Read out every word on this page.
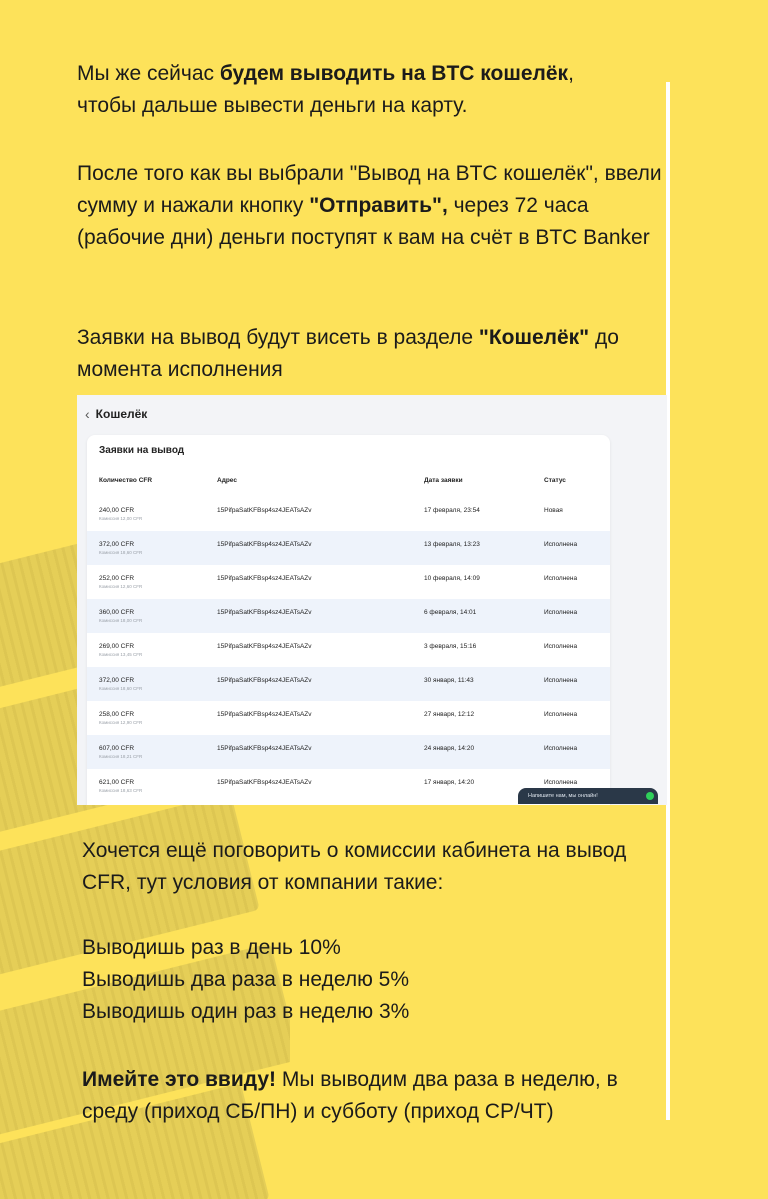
Мы же сейчас будем выводить на BTC кошелёк,
чтобы дальше вывести деньги на карту.

После того как вы выбрали "Вывод на BTC кошелёк", ввели сумму и нажали кнопку "Отправить", через 72 часа (рабочие дни) деньги поступят к вам на счёт в BTC Banker

Заявки на вывод будут висеть в разделе "Кошелёк" до момента исполнения

‹ Кошелёк
Заявки на вывод
Количество CFR	Адрес	Дата заявки	Статус
240,00 CFR
Комиссия 12,00 CFR
15PifpaSatKFBsp4sz4JEATsAZv	17 февраля, 23:54	Новая
372,00 CFR
Комиссия 18,60 CFR
15PifpaSatKFBsp4sz4JEATsAZv	13 февраля, 13:23	Исполнена
252,00 CFR
Комиссия 12,60 CFR
15PifpaSatKFBsp4sz4JEATsAZv	10 февраля, 14:09	Исполнена
360,00 CFR
Комиссия 18,00 CFR
15PifpaSatKFBsp4sz4JEATsAZv	6 февраля, 14:01	Исполнена
269,00 CFR
Комиссия 13,45 CFR
15PifpaSatKFBsp4sz4JEATsAZv	3 февраля, 15:16	Исполнена
372,00 CFR
Комиссия 18,60 CFR
15PifpaSatKFBsp4sz4JEATsAZv	30 января, 11:43	Исполнена
258,00 CFR
Комиссия 12,90 CFR
15PifpaSatKFBsp4sz4JEATsAZv	27 января, 12:12	Исполнена
607,00 CFR
Комиссия 18,21 CFR
15PifpaSatKFBsp4sz4JEATsAZv	24 января, 14:20	Исполнена
621,00 CFR
Комиссия 18,63 CFR
15PifpaSatKFBsp4sz4JEATsAZv	17 января, 14:20	Исполнена
Напишите нам, мы онлайн!

Хочется ещё поговорить о комиссии кабинета на вывод CFR, тут условия от компании такие:

Выводишь раз в день 10%
Выводишь два раза в неделю 5%
Выводишь один раз в неделю 3%

Имейте это ввиду! Мы выводим два раза в неделю, в среду (приход СБ/ПН) и субботу (приход СР/ЧТ)
